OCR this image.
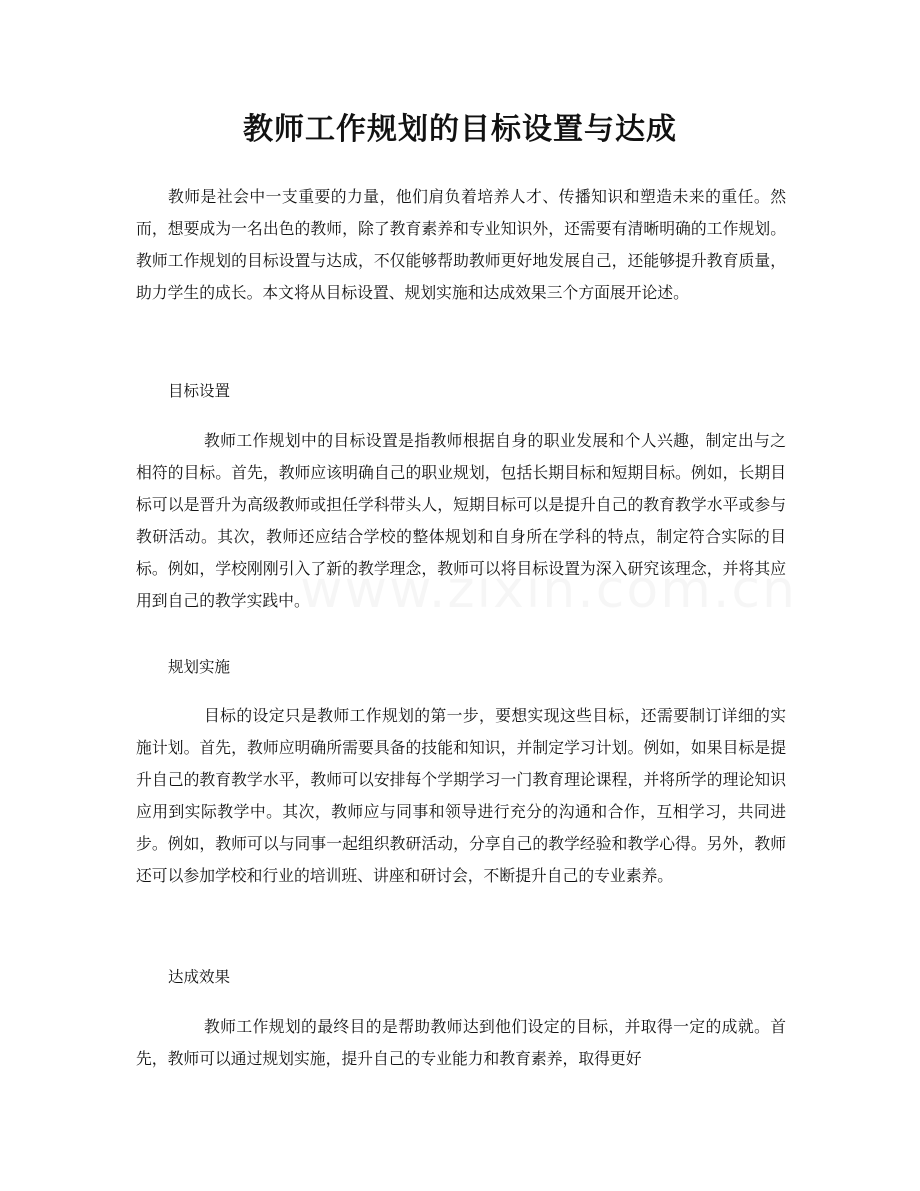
教师工作规划的目标设置与达成
教师是社会中一支重要的力量，他们肩负着培养人才、传播知识和塑造未来的重任。然而，想要成为一名出色的教师，除了教育素养和专业知识外，还需要有清晰明确的工作规划。教师工作规划的目标设置与达成，不仅能够帮助教师更好地发展自己，还能够提升教育质量，助力学生的成长。本文将从目标设置、规划实施和达成效果三个方面展开论述。
目标设置
教师工作规划中的目标设置是指教师根据自身的职业发展和个人兴趣，制定出与之相符的目标。首先，教师应该明确自己的职业规划，包括长期目标和短期目标。例如，长期目标可以是晋升为高级教师或担任学科带头人，短期目标可以是提升自己的教育教学水平或参与教研活动。其次，教师还应结合学校的整体规划和自身所在学科的特点，制定符合实际的目标。例如，学校刚刚引入了新的教学理念，教师可以将目标设置为深入研究该理念，并将其应用到自己的教学实践中。
规划实施
目标的设定只是教师工作规划的第一步，要想实现这些目标，还需要制订详细的实施计划。首先，教师应明确所需要具备的技能和知识，并制定学习计划。例如，如果目标是提升自己的教育教学水平，教师可以安排每个学期学习一门教育理论课程，并将所学的理论知识应用到实际教学中。其次，教师应与同事和领导进行充分的沟通和合作，互相学习，共同进步。例如，教师可以与同事一起组织教研活动，分享自己的教学经验和教学心得。另外，教师还可以参加学校和行业的培训班、讲座和研讨会，不断提升自己的专业素养。
达成效果
教师工作规划的最终目的是帮助教师达到他们设定的目标，并取得一定的成就。首先，教师可以通过规划实施，提升自己的专业能力和教育素养，取得更好
